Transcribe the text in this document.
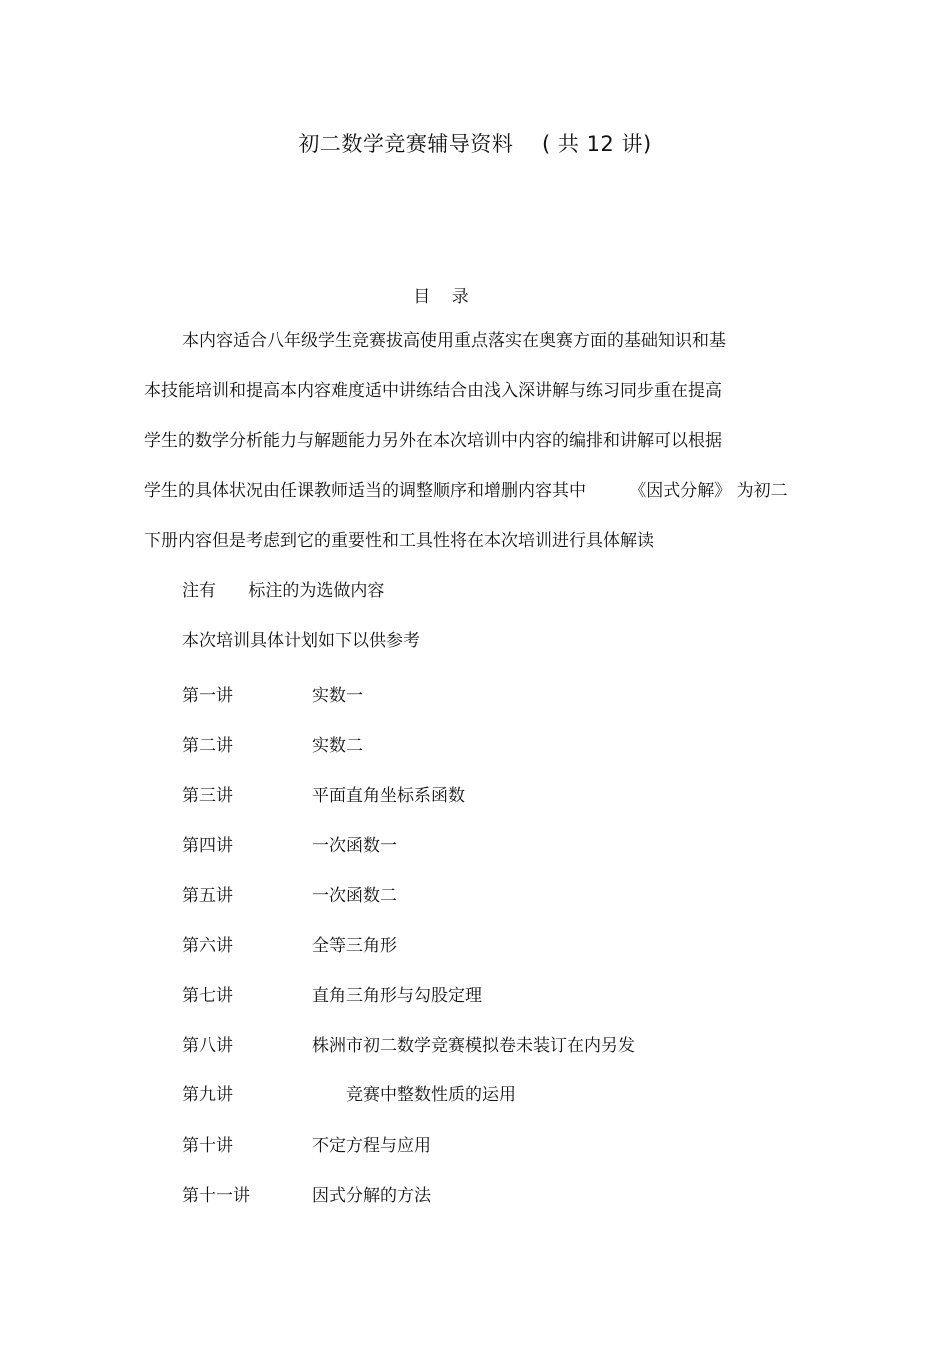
初二数学竞赛辅导资料    ( 共 12 讲)
目    录
本内容适合八年级学生竞赛拔高使用重点落实在奥赛方面的基础知识和基
本技能培训和提高本内容难度适中讲练结合由浅入深讲解与练习同步重在提高
学生的数学分析能力与解题能力另外在本次培训中内容的编排和讲解可以根据
学生的具体状况由任课教师适当的调整顺序和增删内容其中        《因式分解》 为初二
下册内容但是考虑到它的重要性和工具性将在本次培训进行具体解读
注有      标注的为选做内容
本次培训具体计划如下以供参考
第一讲	实数一
第二讲	实数二
第三讲	平面直角坐标系函数
第四讲	一次函数一
第五讲	一次函数二
第六讲	全等三角形
第七讲	直角三角形与勾股定理
第八讲	株洲市初二数学竞赛模拟卷未装订在内另发
第九讲	竞赛中整数性质的运用
第十讲	不定方程与应用
第十一讲	因式分解的方法
